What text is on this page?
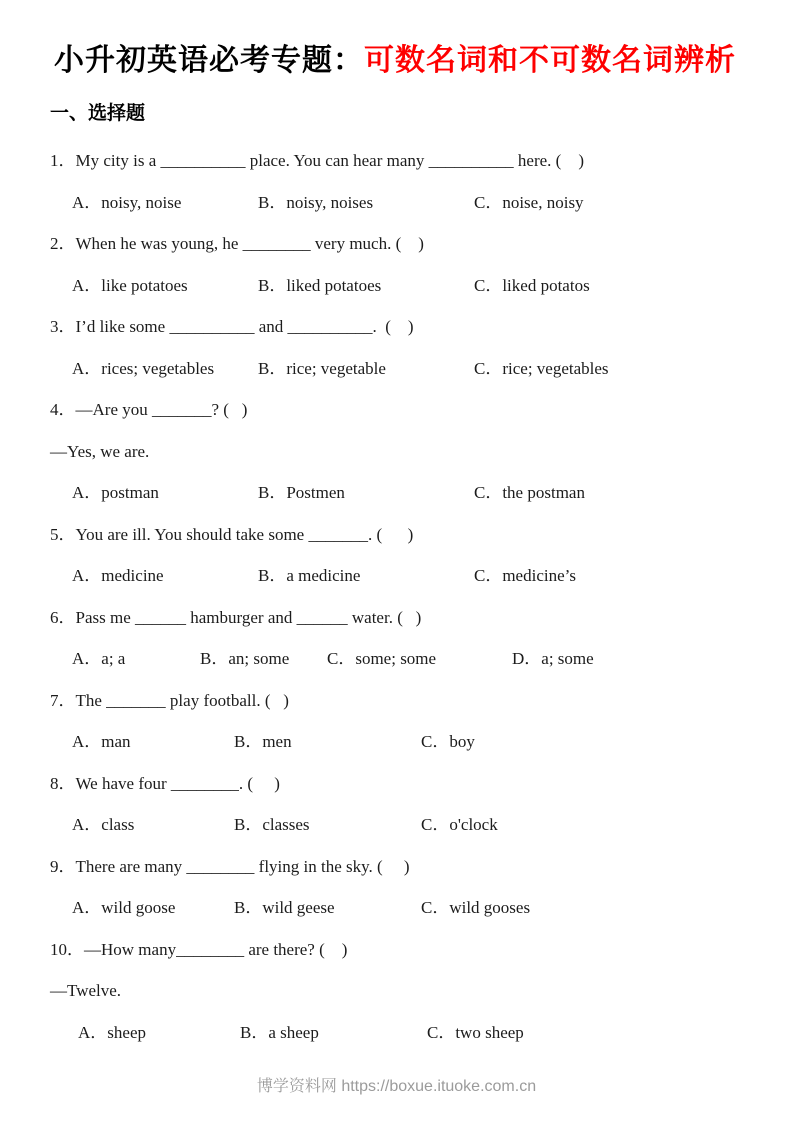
小升初英语必考专题：可数名词和不可数名词辨析
一、选择题

1．My city is a __________ place. You can hear many __________ here. (    )

A．noisy, noise	B．noisy, noises	C．noise, noisy

2．When he was young, he ________ very much. (    )

A．like potatoes	B．liked potatoes	C．liked potatos

3．I’d like some __________ and __________.  (    )

A．rices; vegetables	B．rice; vegetable	C．rice; vegetables

4．—Are you _______? (   )

—Yes, we are.

A．postman	B．Postmen	C．the postman

5．You are ill. You should take some _______. (      )

A．medicine	B．a medicine	C．medicine’s

6．Pass me ______ hamburger and ______ water. (   )

A．a; a	B．an; some	C．some; some	D．a; some

7．The _______ play football. (   )

A．man	B．men	C．boy

8．We have four ________. (     )

A．class	B．classes	C．o'clock

9．There are many ________ flying in the sky. (     )

A．wild goose	B．wild geese	C．wild gooses

10．—How many________ are there? (    )

—Twelve.

A．sheep	B．a sheep	C．two sheep

博学资料网 https://boxue.ituoke.com.cn
